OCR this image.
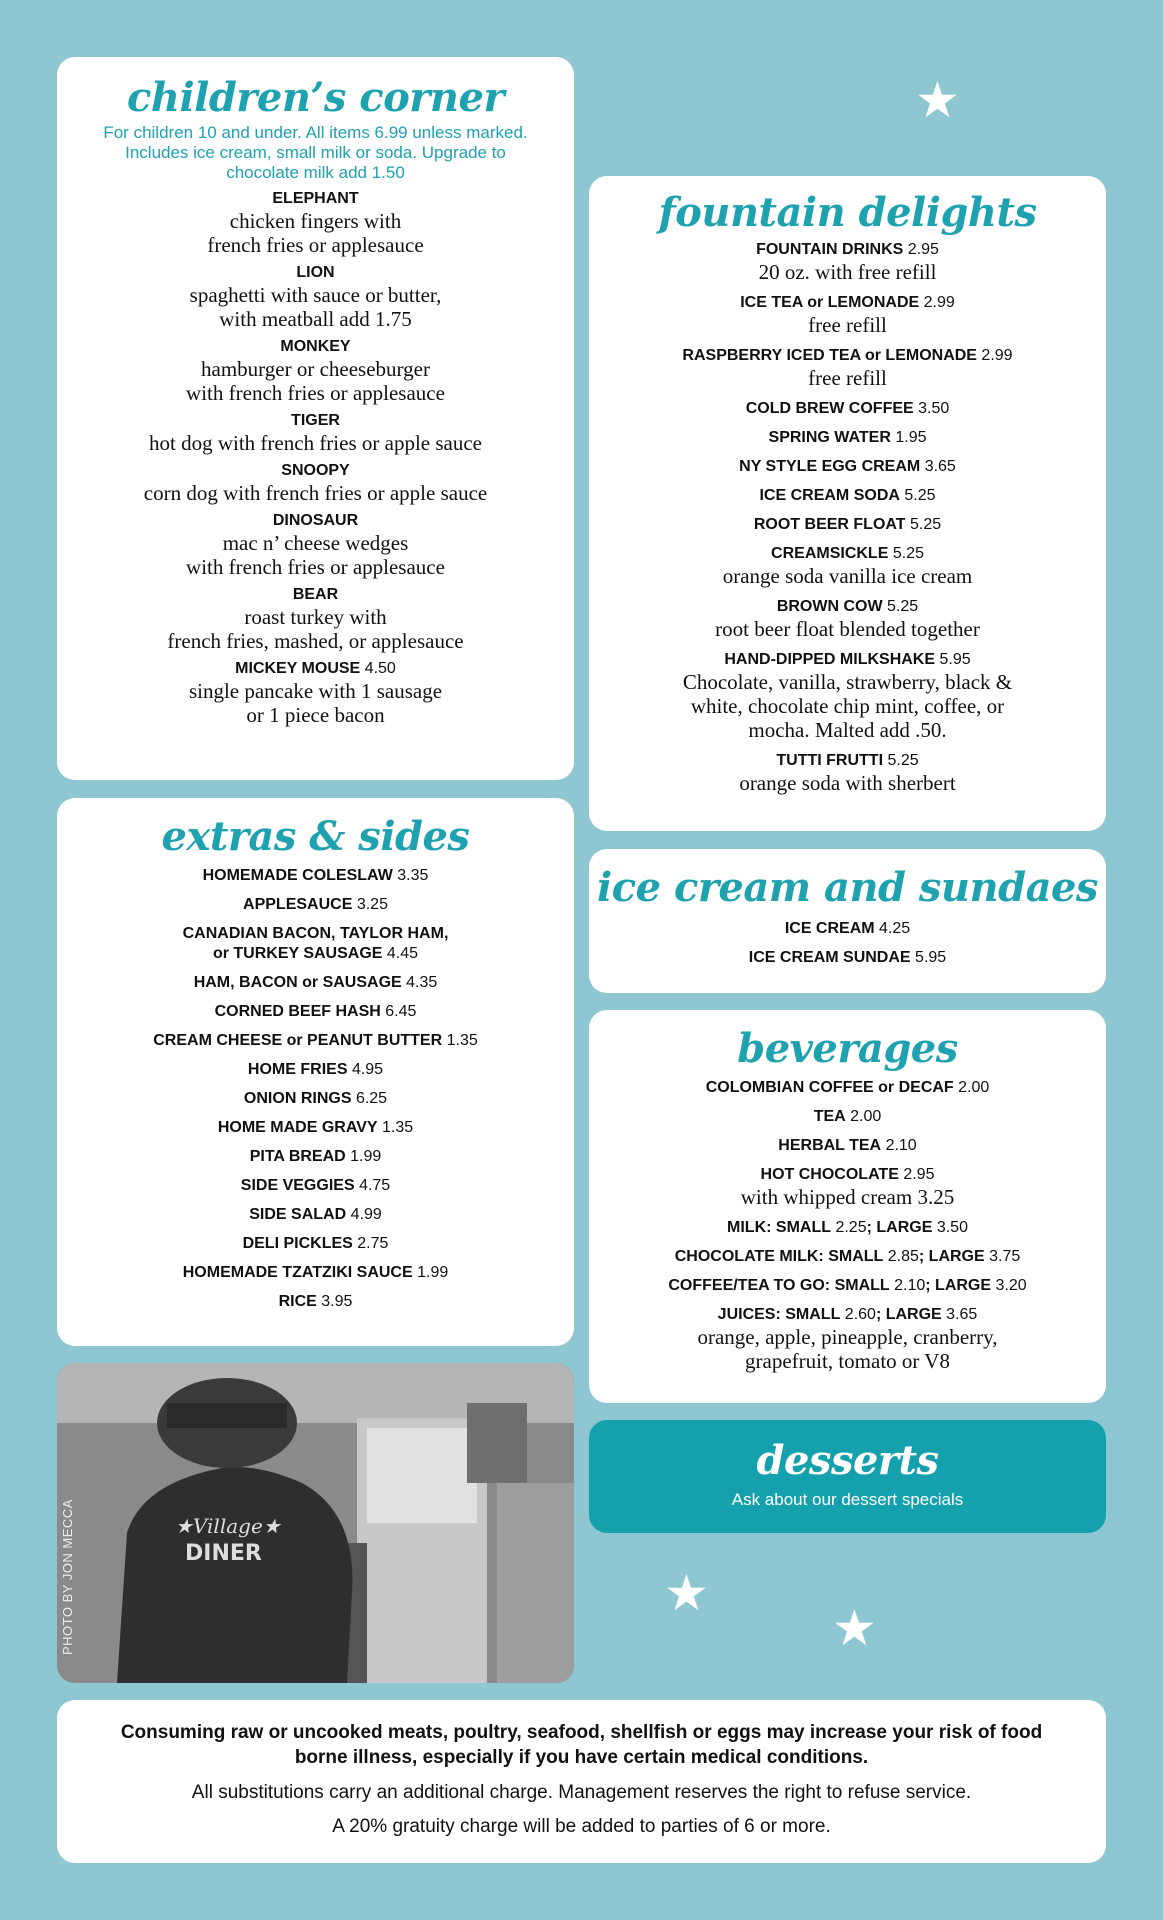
★
★
★
children’s corner

For children 10 and under. All items 6.99 unless marked. Includes ice cream, small milk or soda. Upgrade to chocolate milk add 1.50

ELEPHANT
chicken fingers with
french fries or applesauce
LION
spaghetti with sauce or butter,
with meatball add 1.75
MONKEY
hamburger or cheeseburger
with french fries or applesauce
TIGER
hot dog with french fries or apple sauce
SNOOPY
corn dog with french fries or apple sauce
DINOSAUR
mac n’ cheese wedges
with french fries or applesauce
BEAR
roast turkey with
french fries, mashed, or applesauce
MICKEY MOUSE 4.50
single pancake with 1 sausage
or 1 piece bacon
extras & sides
HOMEMADE COLESLAW 3.35
APPLESAUCE 3.25
CANADIAN BACON, TAYLOR HAM,
or TURKEY SAUSAGE 4.45
HAM, BACON or SAUSAGE 4.35
CORNED BEEF HASH 6.45
CREAM CHEESE or PEANUT BUTTER 1.35
HOME FRIES 4.95
ONION RINGS 6.25
HOME MADE GRAVY 1.35
PITA BREAD 1.99
SIDE VEGGIES 4.75
SIDE SALAD 4.99
DELI PICKLES 2.75
HOMEMADE TZATZIKI SAUCE 1.99
RICE 3.95
★Village★
DINER
PHOTO BY JON MECCA
fountain delights
FOUNTAIN DRINKS 2.95
20 oz. with free refill
ICE TEA or LEMONADE 2.99
free refill
RASPBERRY ICED TEA or LEMONADE 2.99
free refill
COLD BREW COFFEE 3.50
SPRING WATER 1.95
NY STYLE EGG CREAM 3.65
ICE CREAM SODA 5.25
ROOT BEER FLOAT 5.25
CREAMSICKLE 5.25
orange soda vanilla ice cream
BROWN COW 5.25
root beer float blended together
HAND-DIPPED MILKSHAKE 5.95
Chocolate, vanilla, strawberry, black &
white, chocolate chip mint, coffee, or
mocha. Malted add .50.
TUTTI FRUTTI 5.25
orange soda with sherbert
ice cream and sundaes
ICE CREAM 4.25
ICE CREAM SUNDAE 5.95
beverages
COLOMBIAN COFFEE or DECAF 2.00
TEA 2.00
HERBAL TEA 2.10
HOT CHOCOLATE 2.95
with whipped cream 3.25
MILK: SMALL 2.25; LARGE 3.50
CHOCOLATE MILK: SMALL 2.85; LARGE 3.75
COFFEE/TEA TO GO: SMALL 2.10; LARGE 3.20
JUICES: SMALL 2.60; LARGE 3.65
orange, apple, pineapple, cranberry,
grapefruit, tomato or V8
desserts
Ask about our dessert specials

Consuming raw or uncooked meats, poultry, seafood, shellfish or eggs may increase your risk of food borne illness, especially if you have certain medical conditions.

All substitutions carry an additional charge. Management reserves the right to refuse service.

A 20% gratuity charge will be added to parties of 6 or more.
